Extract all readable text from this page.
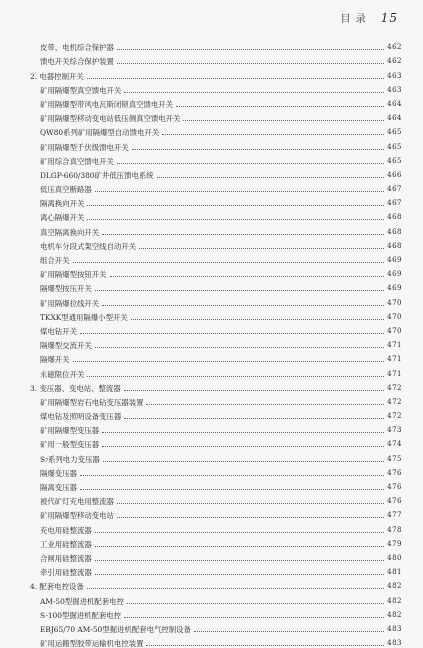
目 录 15
皮带、电机综合保护器	462
馈电开关综合保护装置	462
2. 电器控制开关	463
矿用隔爆型真空馈电开关	463
矿用隔爆型带风电瓦斯闭锁真空馈电开关	464
矿用隔爆型移动变电站低压侧真空馈电开关	464
QW80系列矿用隔爆型自动馈电开关	465
矿用隔爆型千伏级馈电开关	465
矿用综合真空馈电开关	465
DLGP-660/380矿井低压馈电系统	466
低压真空断路器	467
隔离换向开关	467
离心隔爆开关	468
真空隔离换向开关	468
电机车分段式架空线自动开关	468
组合开关	469
矿用隔爆型按钮开关	469
隔爆型按压开关	469
矿用隔爆拉线开关	470
TKXK型通用隔爆小型开关	470
煤电钻开关	470
隔爆型交流开关	471
隔爆开关	471
永磁限位开关	471
3. 变压器、变电站、整流器	472
矿用隔爆型岩石电钻变压器装置	472
煤电钻及照明设备变压器	472
矿用隔爆型变压器	473
矿用一般型变压器	474
S₇系列电力变压器	475
隔爆变压器	476
隔离变压器	476
被代矿灯充电用整流器	476
矿用隔爆型移动变电站	477
充电用硅整流器	478
工业用硅整流器	479
合闸用硅整流器	480
牵引用硅整流器	481
4. 配套电控设备	482
AM-50型掘进机配套电控	482
S-100型掘进机配套电控	482
EBJ65/70 AM-50型掘进机配套电气控制设备	483
矿用运搬型胶带运输机电控装置	483
